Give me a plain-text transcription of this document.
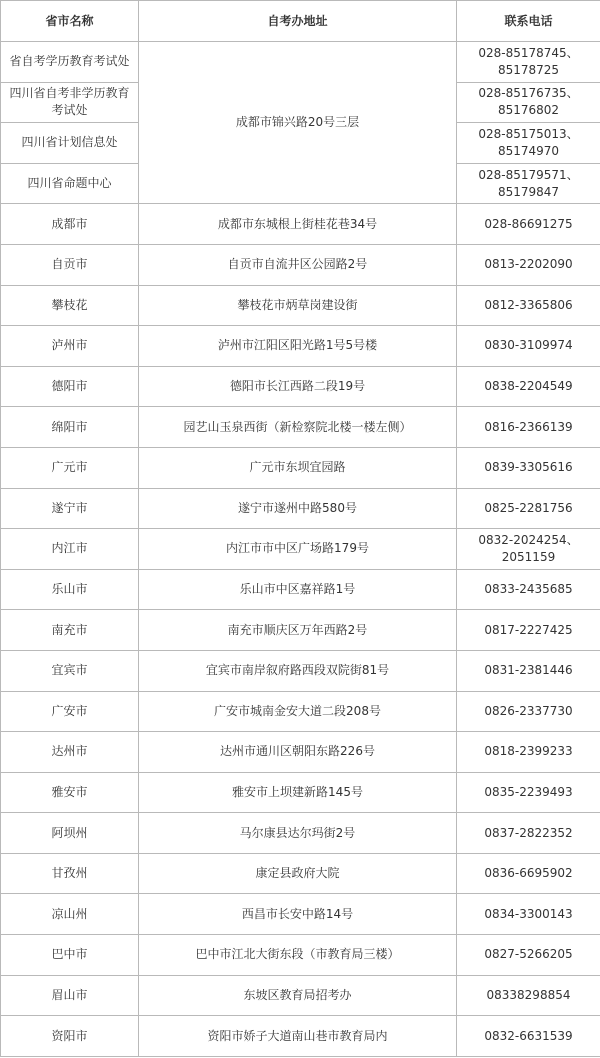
省市名称	自考办地址	联系电话
省自考学历教育考试处	成都市锦兴路20号三层	028-85178745、85178725
四川省自考非学历教育考试处		028-85176735、85176802
四川省计划信息处		028-85175013、85174970
四川省命题中心		028-85179571、85179847
成都市	成都市东城根上街桂花巷34号	028-86691275
自贡市	自贡市自流井区公园路2号	0813-2202090
攀枝花	攀枝花市炳草岗建设街	0812-3365806
泸州市	泸州市江阳区阳光路1号5号楼	0830-3109974
德阳市	德阳市长江西路二段19号	0838-2204549
绵阳市	园艺山玉泉西街（新检察院北楼一楼左侧）	0816-2366139
广元市	广元市东坝宜园路	0839-3305616
遂宁市	遂宁市遂州中路580号	0825-2281756
内江市	内江市市中区广场路179号	0832-2024254、2051159
乐山市	乐山市中区嘉祥路1号	0833-2435685
南充市	南充市顺庆区万年西路2号	0817-2227425
宜宾市	宜宾市南岸叙府路西段双院街81号	0831-2381446
广安市	广安市城南金安大道二段208号	0826-2337730
达州市	达州市通川区朝阳东路226号	0818-2399233
雅安市	雅安市上坝建新路145号	0835-2239493
阿坝州	马尔康县达尔玛街2号	0837-2822352
甘孜州	康定县政府大院	0836-6695902
凉山州	西昌市长安中路14号	0834-3300143
巴中市	巴中市江北大街东段（市教育局三楼）	0827-5266205
眉山市	东坡区教育局招考办	08338298854
资阳市	资阳市娇子大道南山巷市教育局内	0832-6631539
